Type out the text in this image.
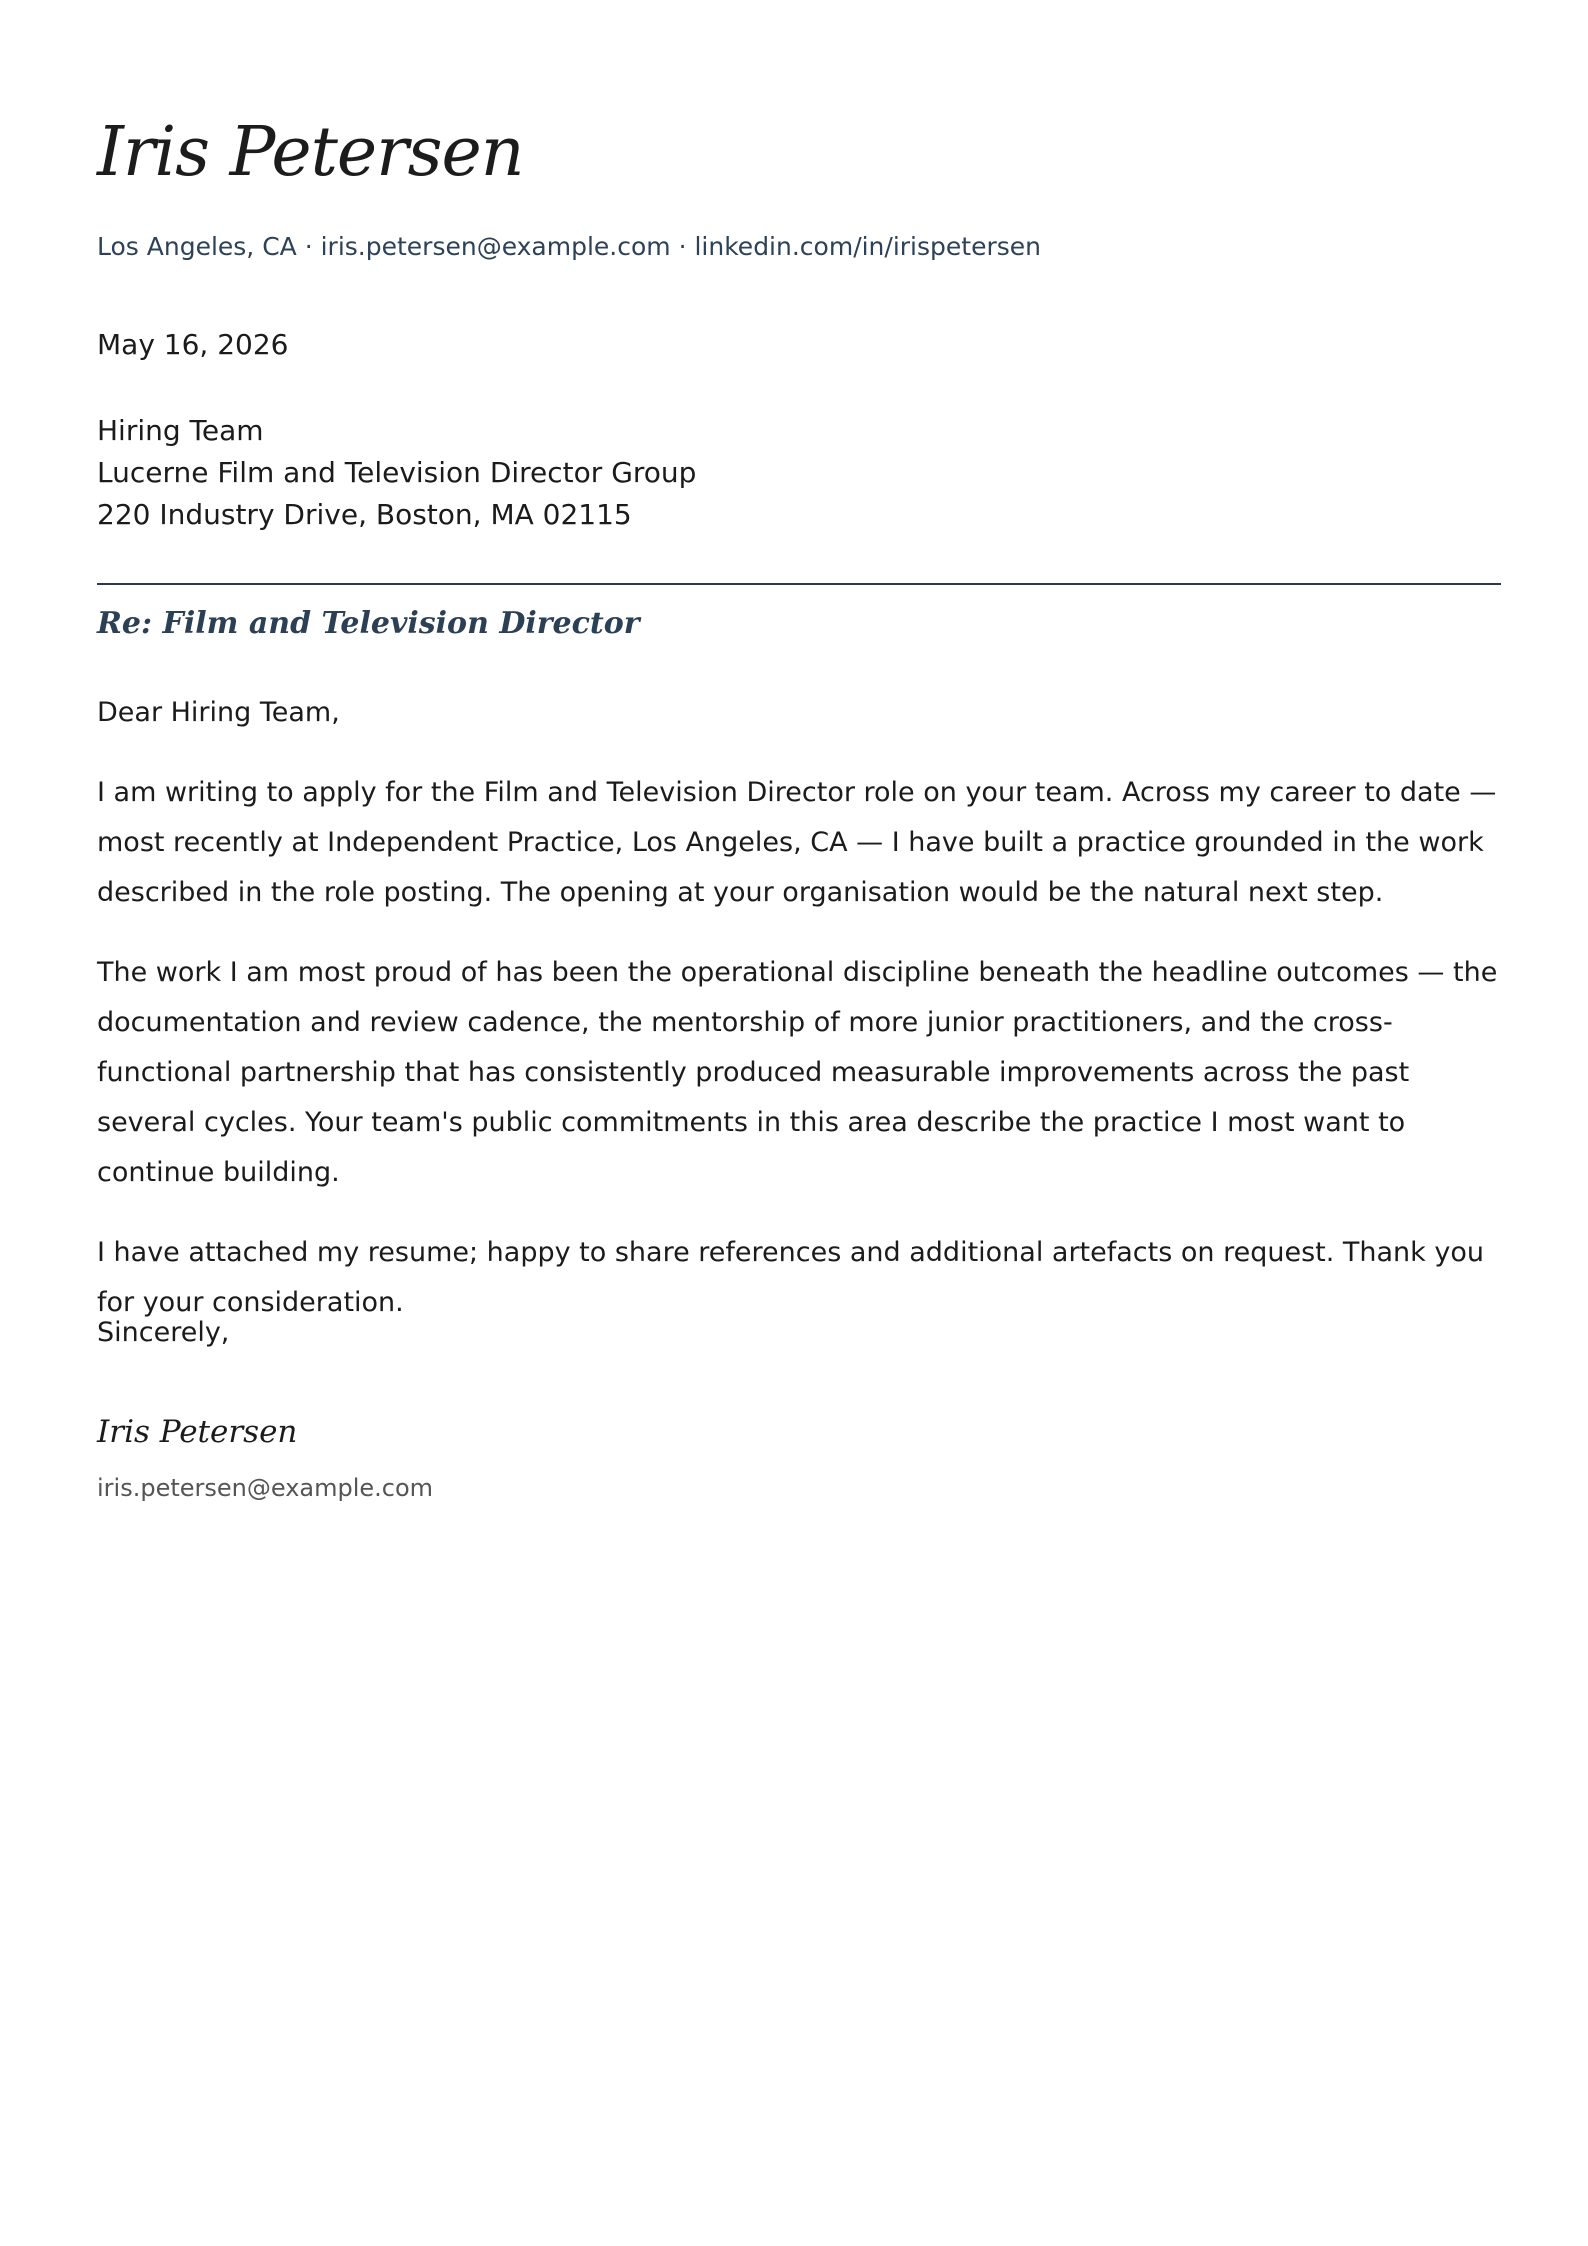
Iris Petersen
Los Angeles, CA · iris.petersen@example.com · linkedin.com/in/irispetersen
May 16, 2026
Hiring Team
Lucerne Film and Television Director Group
220 Industry Drive, Boston, MA 02115
Re: Film and Television Director

Dear Hiring Team,

I am writing to apply for the Film and Television Director role on your team. Across my career to date — most recently at Independent Practice, Los Angeles, CA — I have built a practice grounded in the work described in the role posting. The opening at your organisation would be the natural next step.

The work I am most proud of has been the operational discipline beneath the headline outcomes — the documentation and review cadence, the mentorship of more junior practitioners, and the cross-functional partnership that has consistently produced measurable improvements across the past several cycles. Your team's public commitments in this area describe the practice I most want to continue building.

I have attached my resume; happy to share references and additional artefacts on request. Thank you for your consideration.

Sincerely,
Iris Petersen
iris.petersen@example.com
